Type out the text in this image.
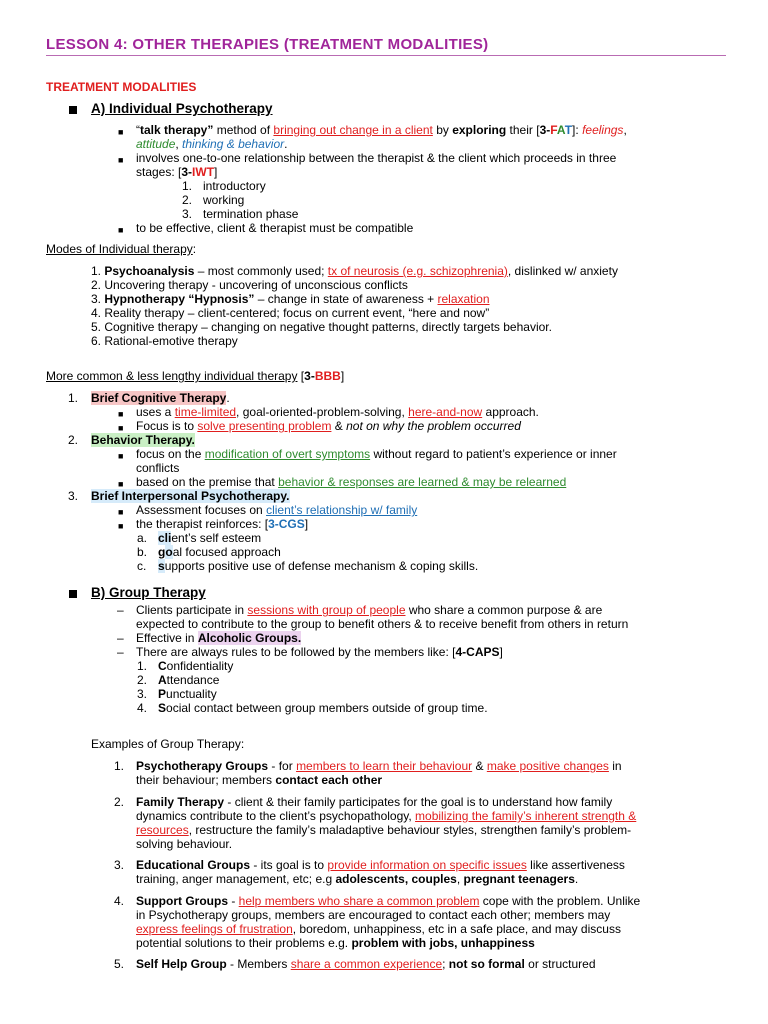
LESSON 4: OTHER THERAPIES (TREATMENT MODALITIES)
TREATMENT MODALITIES
A) Individual Psychotherapy
■ “talk therapy” method of bringing out change in a client by exploring their [3-FAT]: feelings,
attitude, thinking & behavior.
■ involves one-to-one relationship between the therapist & the client which proceeds in three
stages: [3-IWT]
1. introductory
2. working
3. termination phase
■ to be effective, client & therapist must be compatible
Modes of Individual therapy:
1. Psychoanalysis – most commonly used; tx of neurosis (e.g. schizophrenia), dislinked w/ anxiety
2. Uncovering therapy - uncovering of unconscious conflicts
3. Hypnotherapy “Hypnosis” – change in state of awareness + relaxation
4. Reality therapy – client-centered; focus on current event, “here and now”
5. Cognitive therapy – changing on negative thought patterns, directly targets behavior.
6. Rational-emotive therapy
More common & less lengthy individual therapy [3-BBB]
1. Brief Cognitive Therapy.
■ uses a time-limited, goal-oriented-problem-solving, here-and-now approach.
■ Focus is to solve presenting problem & not on why the problem occurred
2. Behavior Therapy.
■ focus on the modification of overt symptoms without regard to patient’s experience or inner
conflicts
■ based on the premise that behavior & responses are learned & may be relearned
3. Brief Interpersonal Psychotherapy.
■ Assessment focuses on client’s relationship w/ family
■ the therapist reinforces: [3-CGS]
a. client’s self esteem
b. goal focused approach
c. supports positive use of defense mechanism & coping skills.
B) Group Therapy
– Clients participate in sessions with group of people who share a common purpose & are
expected to contribute to the group to benefit others & to receive benefit from others in return
– Effective in Alcoholic Groups.
– There are always rules to be followed by the members like: [4-CAPS]
1. Confidentiality
2. Attendance
3. Punctuality
4. Social contact between group members outside of group time.
Examples of Group Therapy:
1. Psychotherapy Groups - for members to learn their behaviour & make positive changes in
their behaviour; members contact each other
2. Family Therapy - client & their family participates for the goal is to understand how family
dynamics contribute to the client’s psychopathology, mobilizing the family’s inherent strength &
resources, restructure the family’s maladaptive behaviour styles, strengthen family’s problem-
solving behaviour.
3. Educational Groups - its goal is to provide information on specific issues like assertiveness
training, anger management, etc; e.g adolescents, couples, pregnant teenagers.
4. Support Groups - help members who share a common problem cope with the problem. Unlike
in Psychotherapy groups, members are encouraged to contact each other; members may
express feelings of frustration, boredom, unhappiness, etc in a safe place, and may discuss
potential solutions to their problems e.g. problem with jobs, unhappiness
5. Self Help Group - Members share a common experience; not so formal or structured
